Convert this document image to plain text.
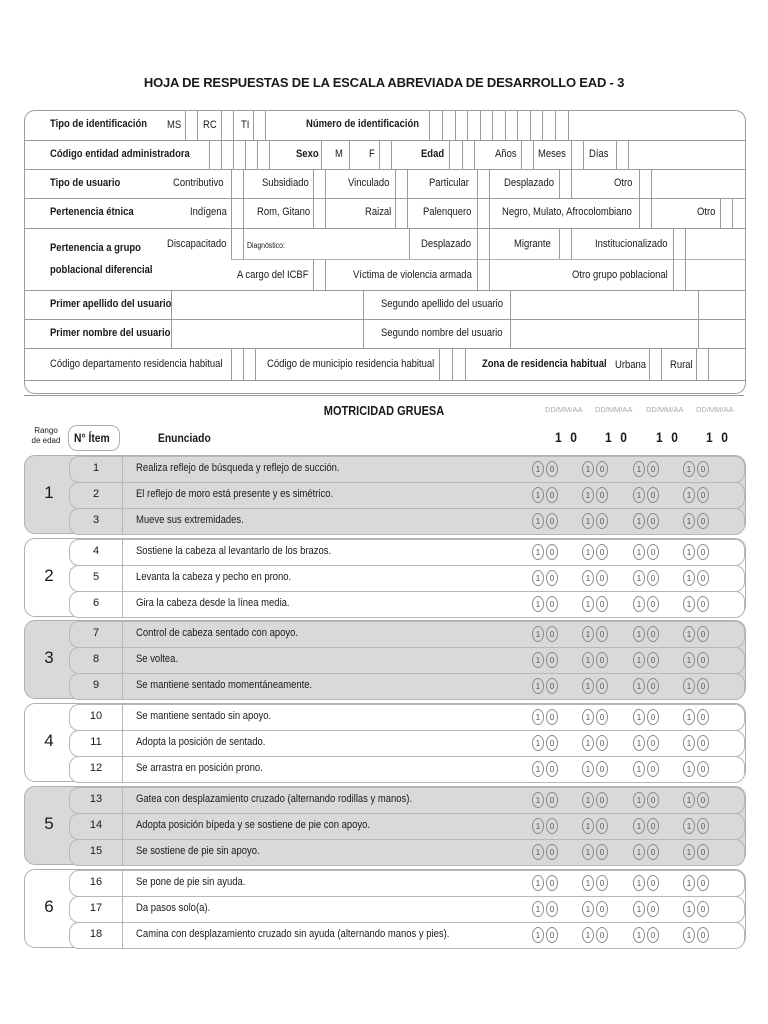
HOJA DE RESPUESTAS DE LA ESCALA ABREVIADA DE DESARROLLO EAD - 3
Tipo de identificación MS RC TI	Número de identificación
Código entidad administradora	Sexo M F	Edad	Años Meses Días
Tipo de usuario	Contributivo	Subsidiado	Vinculado	Particular	Desplazado	Otro
Pertenencia étnica	Indígena	Rom, Gitano	Raizal	Palenquero	Negro, Mulato, Afrocolombiano	Otro
Pertenencia a grupo
poblacional diferencial
Discapacitado	Diagnóstico:	Desplazado	Migrante	Institucionalizado
A cargo del ICBF	Víctima de violencia armada	Otro grupo poblacional
Primer apellido del usuario	Segundo apellido del usuario
Primer nombre del usuario	Segundo nombre del usuario
Código departamento residencia habitual	Código de municipio residencia habitual	Zona de residencia habitual Urbana Rural
MOTRICIDAD GRUESA	DD/MM/AA DD/MM/AA DD/MM/AA DD/MM/AA
Rango
de edad	N° Ítem	Enunciado	1 0 1 0 1 0 1 0
1
1	Realiza reflejo de búsqueda y reflejo de succión.	1	0	1	0	1	0	1	0
2	El reflejo de moro está presente y es simétrico.	1	0	1	0	1	0	1	0
3	Mueve sus extremidades.	1	0	1	0	1	0	1	0
2
4	Sostiene la cabeza al levantarlo de los brazos.	1	0	1	0	1	0	1	0
5	Levanta la cabeza y pecho en prono.	1	0	1	0	1	0	1	0
6	Gira la cabeza desde la línea media.	1	0	1	0	1	0	1	0
3
7	Control de cabeza sentado con apoyo.	1	0	1	0	1	0	1	0
8	Se voltea.	1	0	1	0	1	0	1	0
9	Se mantiene sentado momentáneamente.	1	0	1	0	1	0	1	0
4
10	Se mantiene sentado sin apoyo.	1	0	1	0	1	0	1	0
11	Adopta la posición de sentado.	1	0	1	0	1	0	1	0
12	Se arrastra en posición prono.	1	0	1	0	1	0	1	0
5
13	Gatea con desplazamiento cruzado (alternando rodillas y manos).	1	0	1	0	1	0	1	0
14	Adopta posición bípeda y se sostiene de pie con apoyo.	1	0	1	0	1	0	1	0
15	Se sostiene de pie sin apoyo.	1	0	1	0	1	0	1	0
6
16	Se pone de pie sin ayuda.	1	0	1	0	1	0	1	0
17	Da pasos solo(a).	1	0	1	0	1	0	1	0
18	Camina con desplazamiento cruzado sin ayuda (alternando manos y pies).	1	0	1	0	1	0	1	0
